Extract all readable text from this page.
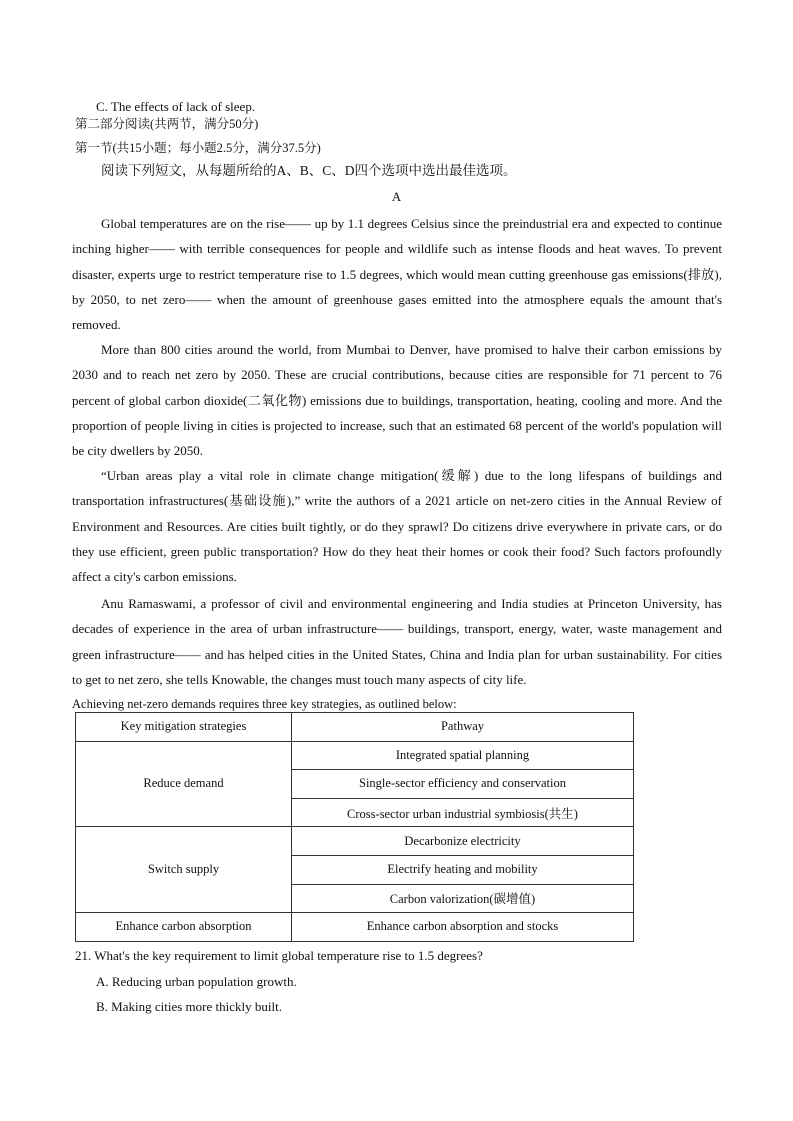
C. The effects of lack of sleep.
第二部分阅读(共两节，满分50分)
第一节(共15小题；每小题2.5分，满分37.5分)
阅读下列短文，从每题所给的A、B、C、D四个选项中选出最佳选项。
A

Global temperatures are on the rise—— up by 1.1 degrees Celsius since the preindustrial era and expected to continue inching higher—— with terrible consequences for people and wildlife such as intense floods and heat waves. To prevent disaster, experts urge to restrict temperature rise to 1.5 degrees, which would mean cutting greenhouse gas emissions(排放), by 2050, to net zero—— when the amount of greenhouse gases emitted into the atmosphere equals the amount that's removed.

More than 800 cities around the world, from Mumbai to Denver, have promised to halve their carbon emissions by 2030 and to reach net zero by 2050. These are crucial contributions, because cities are responsible for 71 percent to 76 percent of global carbon dioxide(二氧化物) emissions due to buildings, transportation, heating, cooling and more. And the proportion of people living in cities is projected to increase, such that an estimated 68 percent of the world's population will be city dwellers by 2050.

“Urban areas play a vital role in climate change mitigation(缓解) due to the long lifespans of buildings and transportation infrastructures(基础设施),” write the authors of a 2021 article on net-zero cities in the Annual Review of Environment and Resources. Are cities built tightly, or do they sprawl? Do citizens drive everywhere in private cars, or do they use efficient, green public transportation? How do they heat their homes or cook their food? Such factors profoundly affect a city's carbon emissions.

Anu Ramaswami, a professor of civil and environmental engineering and India studies at Princeton University, has decades of experience in the area of urban infrastructure—— buildings, transport, energy, water, waste management and green infrastructure—— and has helped cities in the United States, China and India plan for urban sustainability. For cities to get to net zero, she tells Knowable, the changes must touch many aspects of city life.

Achieving net-zero demands requires three key strategies, as outlined below:
Key mitigation strategies	Pathway
Reduce demand	Integrated spatial planning
	Single-sector efficiency and conservation
	Cross-sector urban industrial symbiosis(共生)
Switch supply	Decarbonize electricity
	Electrify heating and mobility
	Carbon valorization(碳增值)
Enhance carbon absorption	Enhance carbon absorption and stocks
21. What's the key requirement to limit global temperature rise to 1.5 degrees?
A. Reducing urban population growth.
B. Making cities more thickly built.
